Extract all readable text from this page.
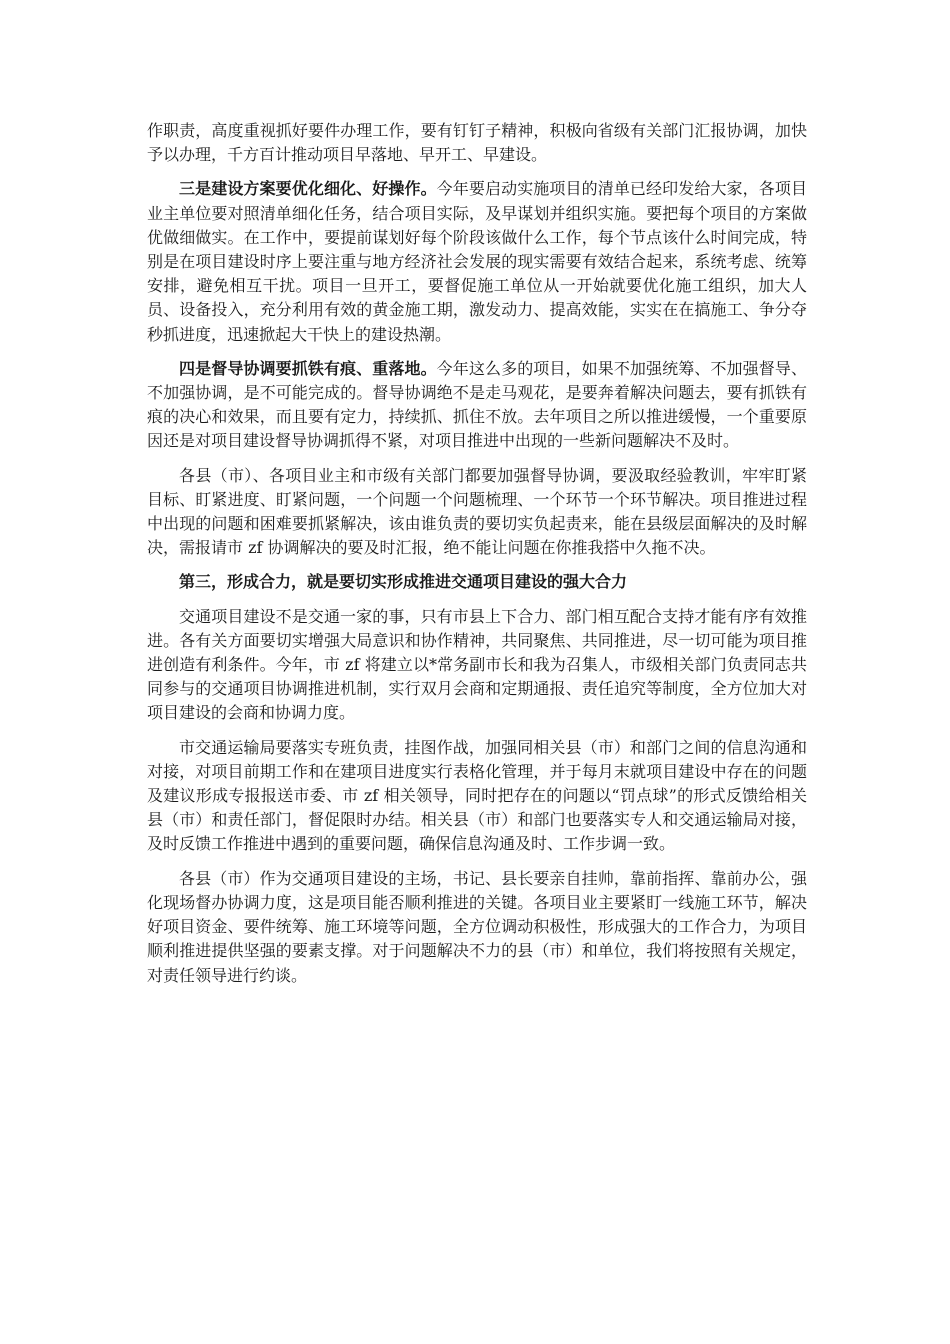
作职责，高度重视抓好要件办理工作，要有钉钉子精神，积极向省级有关部门汇报协调，加快予以办理，千方百计推动项目早落地、早开工、早建设。

三是建设方案要优化细化、好操作。今年要启动实施项目的清单已经印发给大家，各项目业主单位要对照清单细化任务，结合项目实际，及早谋划并组织实施。要把每个项目的方案做优做细做实。在工作中，要提前谋划好每个阶段该做什么工作，每个节点该什么时间完成，特别是在项目建设时序上要注重与地方经济社会发展的现实需要有效结合起来，系统考虑、统筹安排，避免相互干扰。项目一旦开工，要督促施工单位从一开始就要优化施工组织，加大人员、设备投入，充分利用有效的黄金施工期，激发动力、提高效能，实实在在搞施工、争分夺秒抓进度，迅速掀起大干快上的建设热潮。

四是督导协调要抓铁有痕、重落地。今年这么多的项目，如果不加强统筹、不加强督导、不加强协调，是不可能完成的。督导协调绝不是走马观花，是要奔着解决问题去，要有抓铁有痕的决心和效果，而且要有定力，持续抓、抓住不放。去年项目之所以推进缓慢，一个重要原因还是对项目建设督导协调抓得不紧，对项目推进中出现的一些新问题解决不及时。

各县（市）、各项目业主和市级有关部门都要加强督导协调，要汲取经验教训，牢牢盯紧目标、盯紧进度、盯紧问题，一个问题一个问题梳理、一个环节一个环节解决。项目推进过程中出现的问题和困难要抓紧解决，该由谁负责的要切实负起责来，能在县级层面解决的及时解决，需报请市 zf 协调解决的要及时汇报，绝不能让问题在你推我搭中久拖不决。

第三，形成合力，就是要切实形成推进交通项目建设的强大合力

交通项目建设不是交通一家的事，只有市县上下合力、部门相互配合支持才能有序有效推进。各有关方面要切实增强大局意识和协作精神，共同聚焦、共同推进，尽一切可能为项目推进创造有利条件。今年，市 zf 将建立以*常务副市长和我为召集人，市级相关部门负责同志共同参与的交通项目协调推进机制，实行双月会商和定期通报、责任追究等制度，全方位加大对项目建设的会商和协调力度。

市交通运输局要落实专班负责，挂图作战，加强同相关县（市）和部门之间的信息沟通和对接，对项目前期工作和在建项目进度实行表格化管理，并于每月末就项目建设中存在的问题及建议形成专报报送市委、市 zf 相关领导，同时把存在的问题以“罚点球”的形式反馈给相关县（市）和责任部门，督促限时办结。相关县（市）和部门也要落实专人和交通运输局对接，及时反馈工作推进中遇到的重要问题，确保信息沟通及时、工作步调一致。

各县（市）作为交通项目建设的主场，书记、县长要亲自挂帅，靠前指挥、靠前办公，强化现场督办协调力度，这是项目能否顺利推进的关键。各项目业主要紧盯一线施工环节，解决好项目资金、要件统筹、施工环境等问题，全方位调动积极性，形成强大的工作合力，为项目顺利推进提供坚强的要素支撑。对于问题解决不力的县（市）和单位，我们将按照有关规定，对责任领导进行约谈。
